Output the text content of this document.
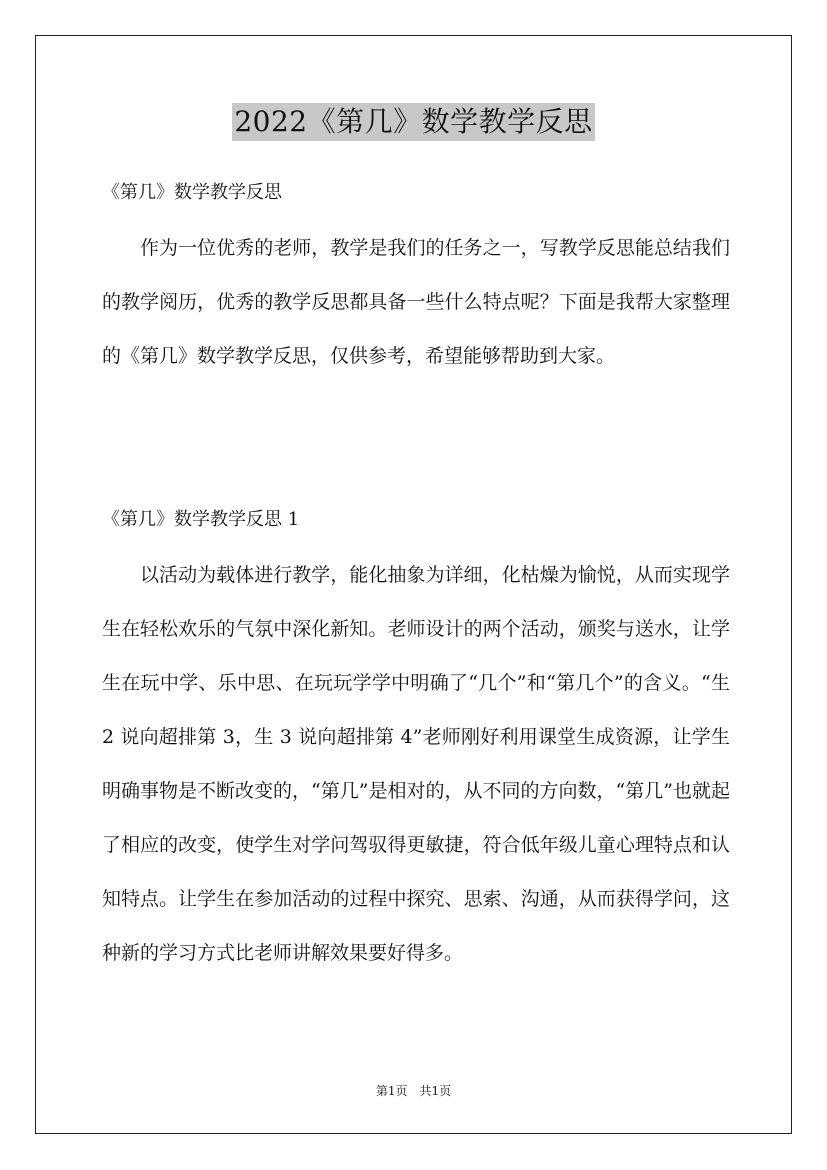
2022《第几》数学教学反思

《第几》数学教学反思

作为一位优秀的老师，教学是我们的任务之一，写教学反思能总结我们的教学阅历，优秀的教学反思都具备一些什么特点呢？下面是我帮大家整理的《第几》数学教学反思，仅供参考，希望能够帮助到大家。

《第几》数学教学反思 1

以活动为载体进行教学，能化抽象为详细，化枯燥为愉悦，从而实现学生在轻松欢乐的气氛中深化新知。老师设计的两个活动，颁奖与送水，让学生在玩中学、乐中思、在玩玩学学中明确了“几个”和“第几个”的含义。“生 2 说向超排第 3，生 3 说向超排第 4”老师刚好利用课堂生成资源，让学生明确事物是不断改变的，“第几”是相对的，从不同的方向数，“第几”也就起了相应的改变，使学生对学问驾驭得更敏捷，符合低年级儿童心理特点和认知特点。让学生在参加活动的过程中探究、思索、沟通，从而获得学问，这种新的学习方式比老师讲解效果要好得多。

第1页　共1页
